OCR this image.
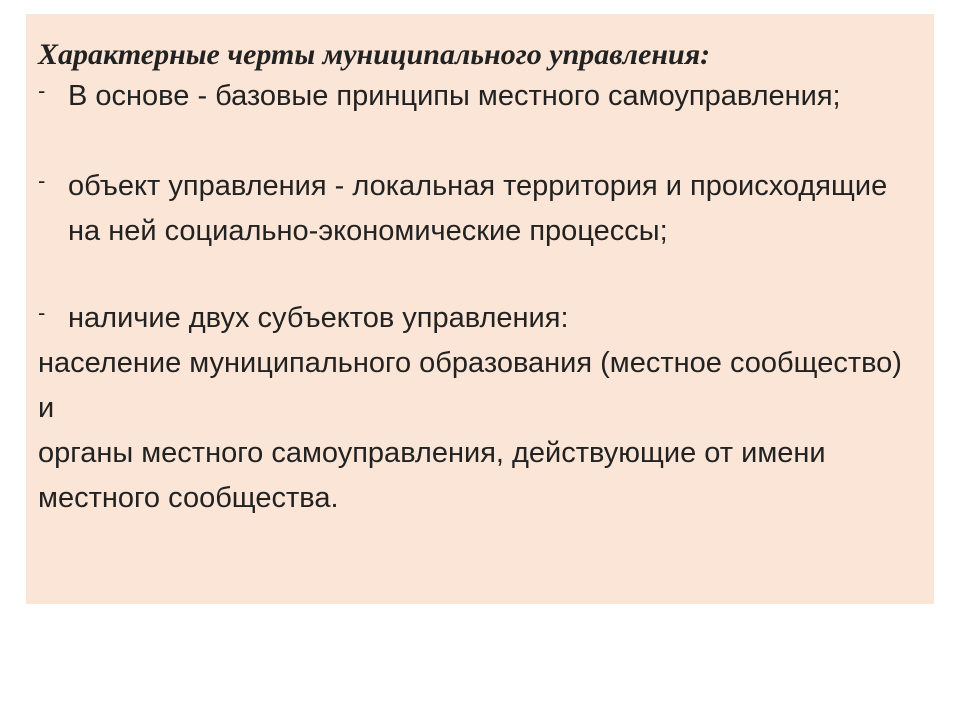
Характерные черты муниципального управления:
- В основе - базовые принципы местного самоуправления;
- объект управления - локальная территория и происходящие на ней социально-экономические процессы;
- наличие двух субъектов управления:
население муниципального образования (местное сообщество) и
органы местного самоуправления, действующие от имени местного сообщества.
